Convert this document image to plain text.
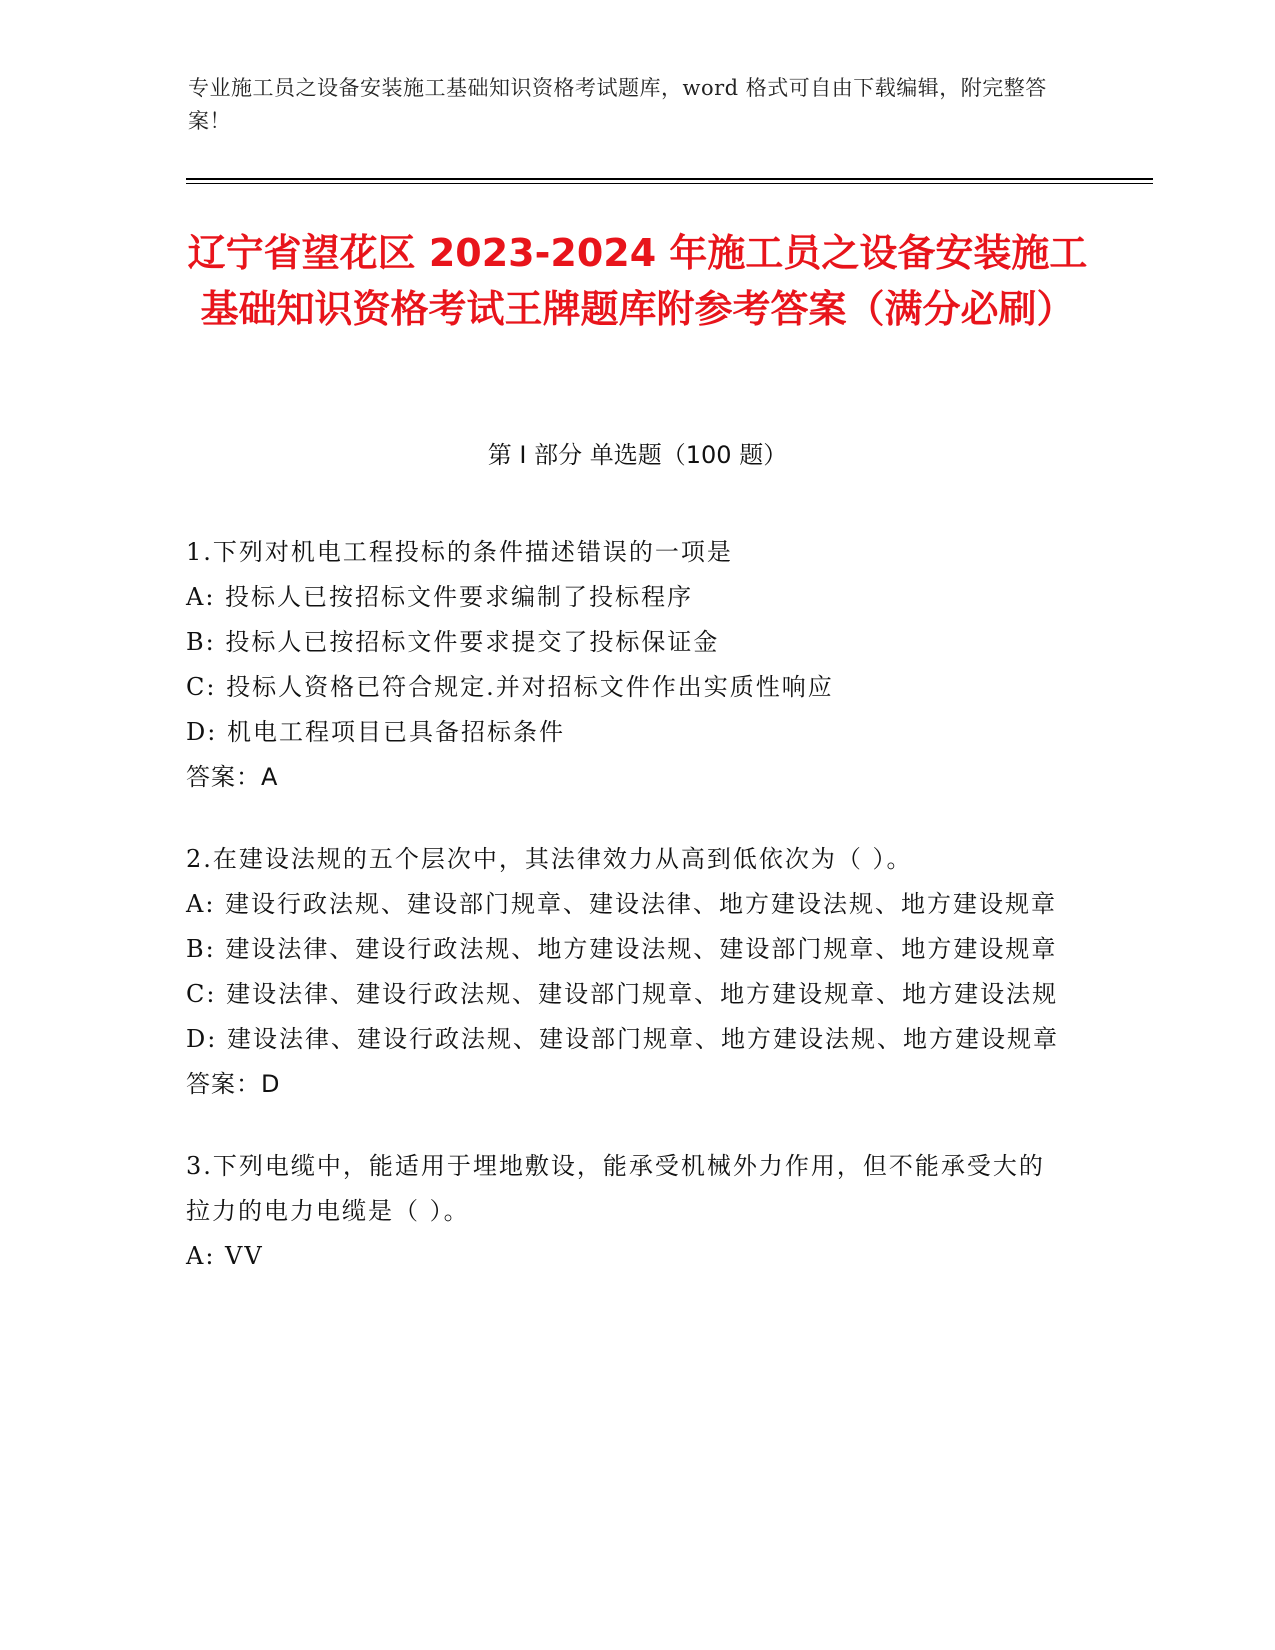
专业施工员之设备安装施工基础知识资格考试题库，word 格式可自由下载编辑，附完整答案！
辽宁省望花区 2023-2024 年施工员之设备安装施工基础知识资格考试王牌题库附参考答案（满分必刷）
第 I 部分 单选题（100 题）

1.下列对机电工程投标的条件描述错误的一项是

A: 投标人已按招标文件要求编制了投标程序

B: 投标人已按招标文件要求提交了投标保证金

C: 投标人资格已符合规定.并对招标文件作出实质性响应

D: 机电工程项目已具备招标条件

答案：A

2.在建设法规的五个层次中，其法律效力从高到低依次为（ ）。

A: 建设行政法规、建设部门规章、建设法律、地方建设法规、地方建设规章

B: 建设法律、建设行政法规、地方建设法规、建设部门规章、地方建设规章

C: 建设法律、建设行政法规、建设部门规章、地方建设规章、地方建设法规

D: 建设法律、建设行政法规、建设部门规章、地方建设法规、地方建设规章

答案：D

3.下列电缆中，能适用于埋地敷设，能承受机械外力作用，但不能承受大的拉力的电力电缆是（ ）。

A: VV
